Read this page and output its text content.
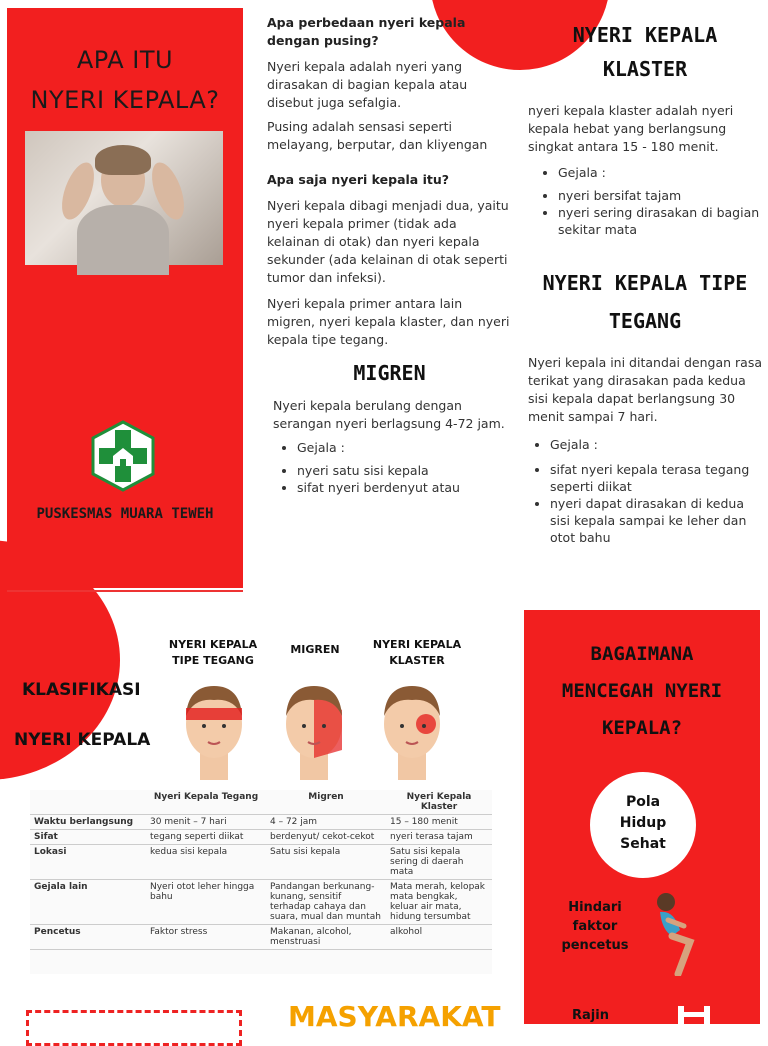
APA ITU
NYERI KEPALA?
PUSKESMAS MUARA TEWEH
Apa perbedaan nyeri kepala dengan pusing?
Nyeri kepala adalah nyeri yang dirasakan di bagian kepala atau disebut juga sefalgia.
Pusing adalah sensasi seperti melayang, berputar, dan kliyengan
Apa saja nyeri kepala itu?
Nyeri kepala dibagi menjadi dua, yaitu nyeri kepala primer (tidak ada kelainan di otak) dan nyeri kepala sekunder (ada kelainan di otak seperti tumor dan infeksi).
Nyeri kepala primer antara lain migren, nyeri kepala klaster, dan nyeri kepala tipe tegang.
MIGREN
Nyeri kepala berulang dengan serangan nyeri berlagsung 4-72 jam.
• Gejala :
• nyeri satu sisi kepala
• sifat nyeri berdenyut atau
NYERI KEPALA
KLASTER
nyeri kepala klaster adalah nyeri kepala hebat yang berlangsung singkat antara 15 - 180 menit.
• Gejala :
• nyeri bersifat tajam
• nyeri sering dirasakan di bagian sekitar mata
NYERI KEPALA TIPE
TEGANG
Nyeri kepala ini ditandai dengan rasa terikat yang dirasakan pada kedua sisi kepala dapat berlangsung 30 menit sampai 7 hari.
• Gejala :
• sifat nyeri kepala terasa tegang seperti diikat
• nyeri dapat dirasakan di kedua sisi kepala sampai ke leher dan otot bahu
KLASIFIKASI
NYERI KEPALA
NYERI KEPALA
TIPE TEGANG
MIGREN	NYERI KEPALA
KLASTER
	Nyeri Kepala Tegang	Migren	Nyeri Kepala Klaster
Waktu berlangsung	30 menit – 7 hari	4 – 72 jam	15 – 180 menit
Sifat	tegang seperti diikat	berdenyut/ cekot-cekot	nyeri terasa tajam
Lokasi	kedua sisi kepala	Satu sisi kepala	Satu sisi kepala sering di daerah mata
Gejala lain	Nyeri otot leher hingga bahu	Pandangan berkunang-kunang, sensitif terhadap cahaya dan suara, mual dan muntah	Mata merah, kelopak mata bengkak, keluar air mata, hidung tersumbat
Pencetus	Faktor stress	Makanan, alcohol, menstruasi	alkohol
MASYARAKAT
BAGAIMANA
MENCEGAH NYERI
KEPALA?
Pola
Hidup
Sehat
Hindari
faktor
pencetus
Rajin
